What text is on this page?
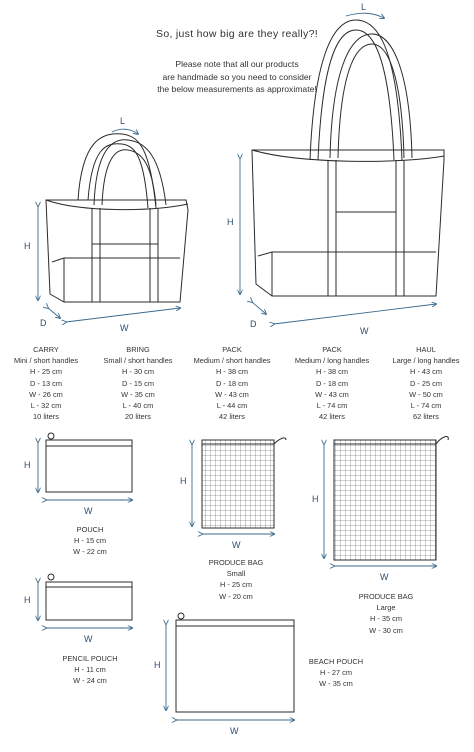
So, just how big are they really?!
Please note that all our products
are handmade so you need to consider
the below measurements as approximate!
L
H
D	W
L
H
D
W
CARRY
Mini / short handles
H - 25 cm
D - 13 cm
W - 26 cm
L - 32 cm
10 liters
BRING
Small / short handles
H - 30 cm
D - 15 cm
W - 35 cm
L - 40 cm
20 liters
PACK
Medium / short handles
H - 38 cm
D - 18 cm
W - 43 cm
L - 44 cm
42 liters
PACK
Medium / long handles
H - 38 cm
D - 18 cm
W - 43 cm
L - 74 cm
42 liters
HAUL
Large / long handles
H - 43 cm
D - 25 cm
W - 50 cm
L - 74 cm
62 liters
H
W
POUCH
H - 15 cm
W - 22 cm
H
W
PENCIL POUCH
H - 11 cm
W - 24 cm
H
W
PRODUCE BAG
Small
H - 25 cm
W - 20 cm
H
W
PRODUCE BAG
Large
H - 35 cm
W - 30 cm
H
W
BEACH POUCH
H - 27 cm
W - 35 cm
